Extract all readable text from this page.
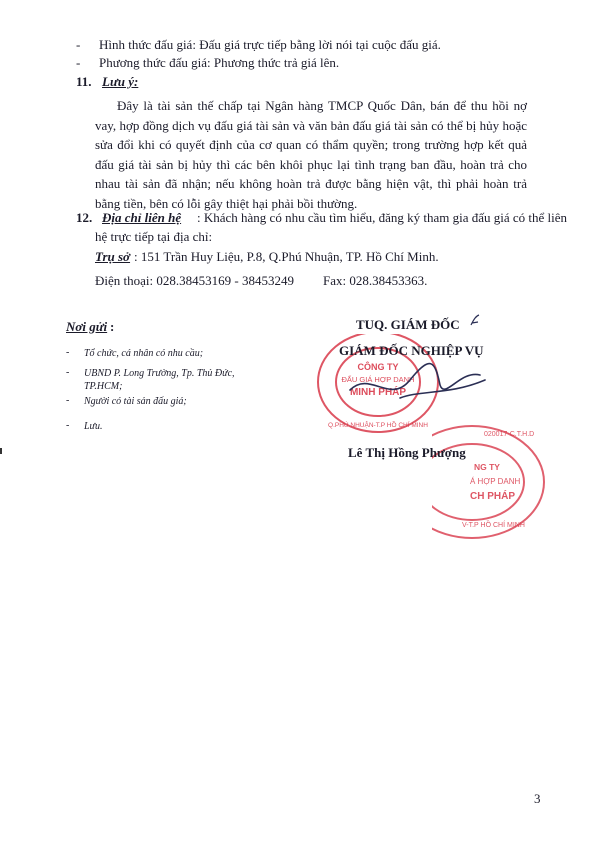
- Hình thức đấu giá: Đấu giá trực tiếp bằng lời nói tại cuộc đấu giá.
- Phương thức đấu giá: Phương thức trả giá lên.
11. Lưu ý:
Đây là tài sản thế chấp tại Ngân hàng TMCP Quốc Dân, bán để thu hồi nợ vay, hợp đồng dịch vụ đấu giá tài sản và văn bản đấu giá tài sản có thể bị hủy hoặc sửa đổi khi có quyết định của cơ quan có thẩm quyền; trong trường hợp kết quả đấu giá tài sản bị hủy thì các bên khôi phục lại tình trạng ban đầu, hoàn trả cho nhau tài sản đã nhận; nếu không hoàn trả được bằng hiện vật, thì phải hoàn trả bằng tiền, bên có lỗi gây thiệt hại phải bồi thường.
12. Địa chỉ liên hệ : Khách hàng có nhu cầu tìm hiểu, đăng ký tham gia đấu giá có thể liên
hệ trực tiếp tại địa chỉ:
Trụ sở : 151 Trần Huy Liệu, P.8, Q.Phú Nhuận, TP. Hồ Chí Minh.
Điện thoại: 028.38453169 - 38453249 Fax: 028.38453363.
Nơi gửi :
- Tổ chức, cá nhân có nhu cầu;
- UBND P. Long Trường, Tp. Thủ Đức,
TP.HCM;
- Người có tài sản đấu giá;
- Lưu.
CÔNG TY
ĐẤU GIÁ HỢP DANH
MINH PHÁP
Q.PHÚ NHUẬN-T.P HỒ CHÍ MINH
NG TY
Á HỢP DANH
CH PHÁP
V-T.P HỒ CHÍ MINH
020017-C.T.H.D
TUQ. GIÁM ĐỐC
GIÁM ĐỐC NGHIỆP VỤ
Lê Thị Hồng Phượng
3
